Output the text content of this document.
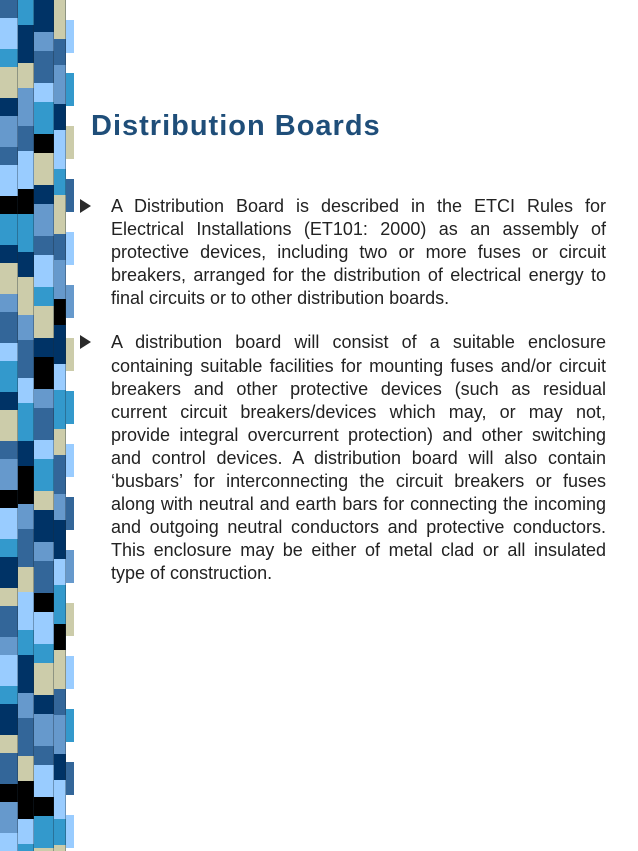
Distribution Boards
A Distribution Board is described in the ETCI Rules for Electrical Installations (ET101: 2000) as an assembly of protective devices, including two or more fuses or circuit breakers, arranged for the distribution of electrical energy to final circuits or to other distribution boards.
A distribution board will consist of a suitable enclosure containing suitable facilities for mounting fuses and/or circuit breakers and other protective devices (such as residual current circuit breakers/devices which may, or may not, provide integral overcurrent protection) and other switching and control devices. A distribution board will also contain ‘busbars’ for interconnecting the circuit breakers or fuses along with neutral and earth bars for connecting the incoming and outgoing neutral conductors and protective conductors. This enclosure may be either of metal clad or all insulated type of construction.
